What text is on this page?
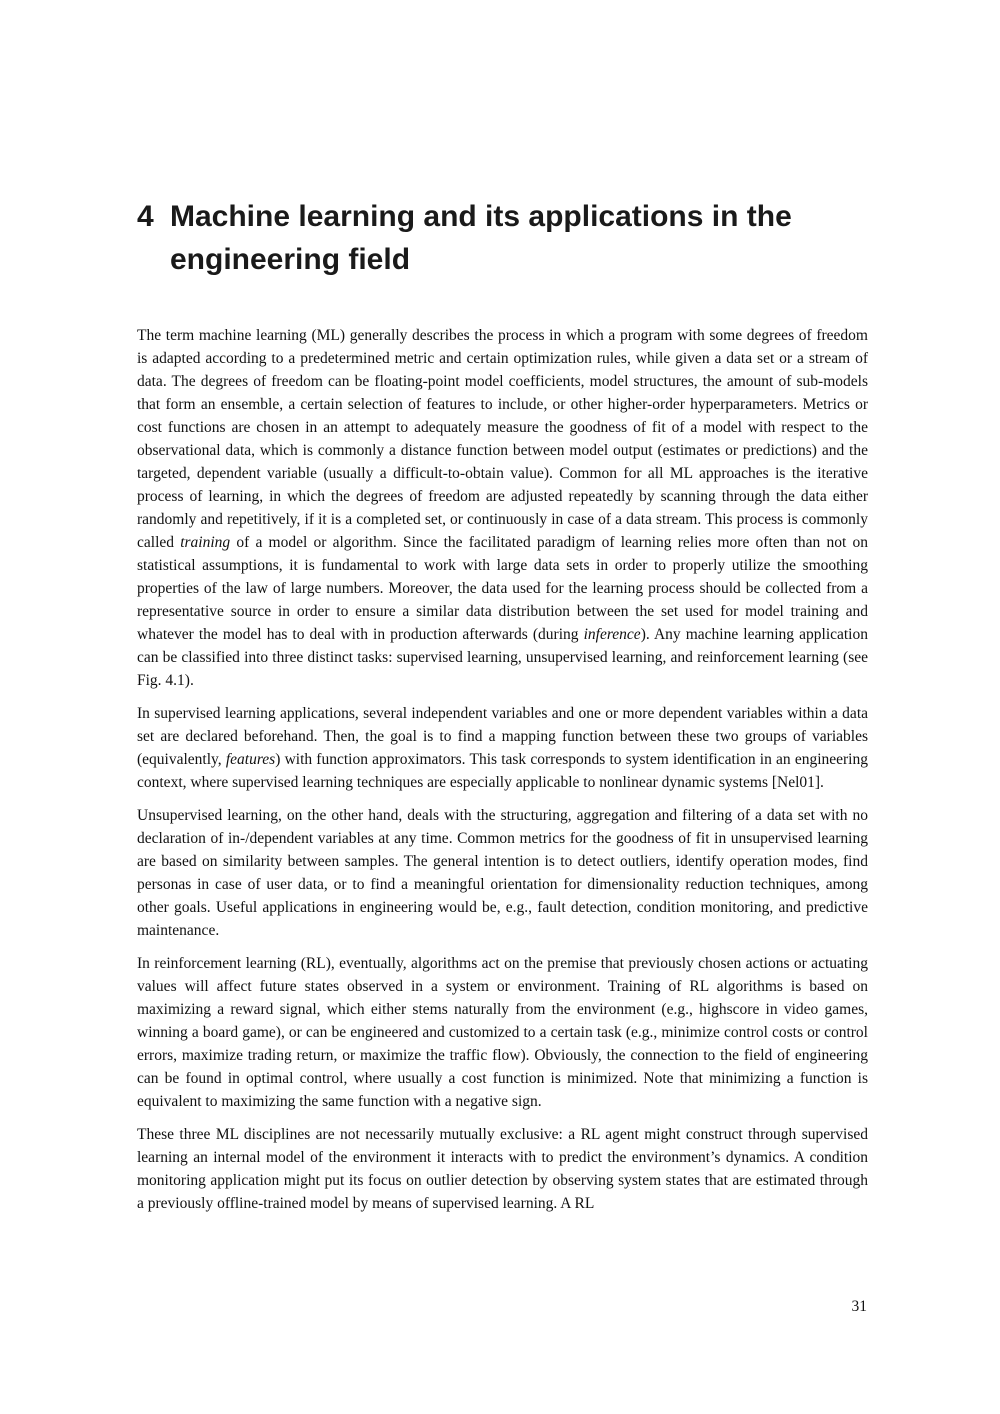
4 Machine learning and its applications in the engineering field

The term machine learning (ML) generally describes the process in which a program with some degrees of freedom is adapted according to a predetermined metric and certain optimization rules, while given a data set or a stream of data. The degrees of freedom can be floating-point model coefficients, model structures, the amount of sub-models that form an ensemble, a certain selection of features to include, or other higher-order hyperparameters. Metrics or cost functions are chosen in an attempt to adequately measure the goodness of fit of a model with respect to the observational data, which is commonly a distance function between model output (estimates or predictions) and the targeted, dependent variable (usually a difficult-to-obtain value). Common for all ML approaches is the iterative process of learning, in which the degrees of freedom are adjusted repeatedly by scanning through the data either randomly and repetitively, if it is a completed set, or continuously in case of a data stream. This process is commonly called training of a model or algorithm. Since the facilitated paradigm of learning relies more often than not on statistical assumptions, it is fundamental to work with large data sets in order to properly utilize the smoothing properties of the law of large numbers. Moreover, the data used for the learning process should be collected from a representative source in order to ensure a similar data distribution between the set used for model training and whatever the model has to deal with in production afterwards (during inference). Any machine learning application can be classified into three distinct tasks: supervised learning, unsupervised learning, and reinforcement learning (see Fig. 4.1).

In supervised learning applications, several independent variables and one or more dependent variables within a data set are declared beforehand. Then, the goal is to find a mapping function between these two groups of variables (equivalently, features) with function approximators. This task corresponds to system identification in an engineering context, where supervised learning techniques are especially applicable to nonlinear dynamic systems [Nel01].

Unsupervised learning, on the other hand, deals with the structuring, aggregation and filtering of a data set with no declaration of in-/dependent variables at any time. Common metrics for the goodness of fit in unsupervised learning are based on similarity between samples. The general intention is to detect outliers, identify operation modes, find personas in case of user data, or to find a meaningful orientation for dimensionality reduction techniques, among other goals. Useful applications in engineering would be, e.g., fault detection, condition monitoring, and predictive maintenance.

In reinforcement learning (RL), eventually, algorithms act on the premise that previously chosen actions or actuating values will affect future states observed in a system or environment. Training of RL algorithms is based on maximizing a reward signal, which either stems naturally from the environment (e.g., highscore in video games, winning a board game), or can be engineered and customized to a certain task (e.g., minimize control costs or control errors, maximize trading return, or maximize the traffic flow). Obviously, the connection to the field of engineering can be found in optimal control, where usually a cost function is minimized. Note that minimizing a function is equivalent to maximizing the same function with a negative sign.

These three ML disciplines are not necessarily mutually exclusive: a RL agent might construct through supervised learning an internal model of the environment it interacts with to predict the environment’s dynamics. A condition monitoring application might put its focus on outlier detection by observing system states that are estimated through a previously offline-trained model by means of supervised learning. A RL

31
